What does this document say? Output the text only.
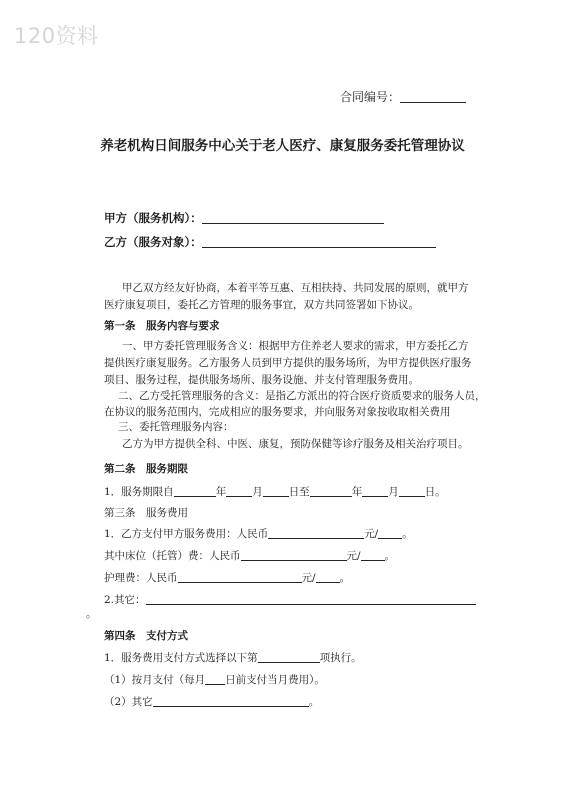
120资料
合同编号：
养老机构日间服务中心关于老人医疗、康复服务委托管理协议
甲方（服务机构）：
乙方（服务对象）：
甲乙双方经友好协商，本着平等互惠、互相扶持、共同发展的原则，就甲方
医疗康复项目，委托乙方管理的服务事宜，双方共同签署如下协议。
第一条　服务内容与要求
一、甲方委托管理服务含义：根据甲方住养老人要求的需求，甲方委托乙方
提供医疗康复服务。乙方服务人员到甲方提供的服务场所，为甲方提供医疗服务
项目、服务过程，提供服务场所、服务设施、并支付管理服务费用。
二、乙方受托管理服务的含义：是指乙方派出的符合医疗资质要求的服务人员，
在协议的服务范围内，完成相应的服务要求，并向服务对象按收取相关费用
三、委托管理服务内容：
乙方为甲方提供全科、中医、康复，预防保健等诊疗服务及相关治疗项目。
第二条　服务期限
1．服务期限自	年 月 日至	年 月 日。
第三条　服务费用
1．乙方支付甲方服务费用：人民币	元/ 。
其中床位（托管）费：人民币	元/ 。
护理费：人民币	元/ 。
2.其它：
。
第四条　支付方式
1．服务费用支付方式选择以下第	项执行。
（1）按月支付（每月 日前支付当月费用）。
（2）其它	。
